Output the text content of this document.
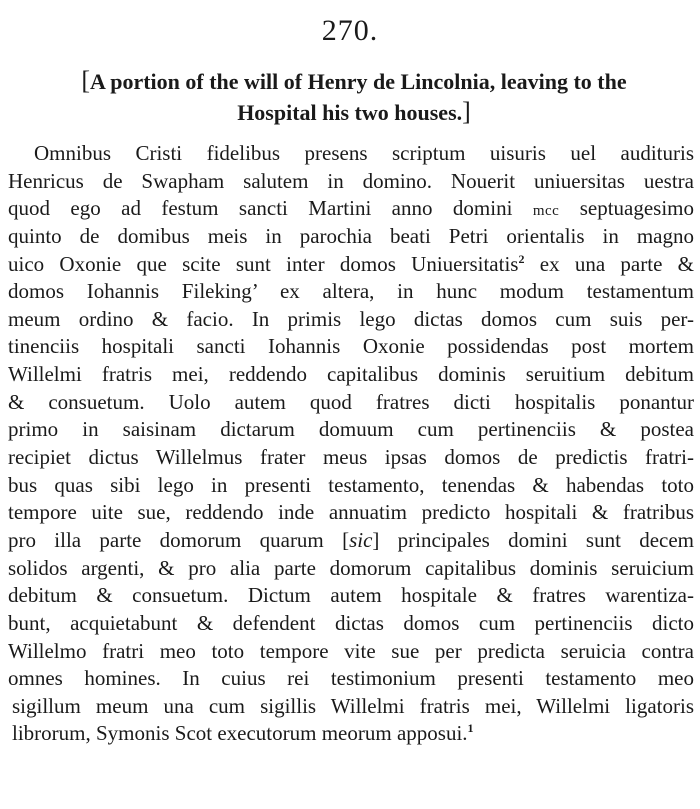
270.
[A portion of the will of Henry de Lincolnia, leaving to the
Hospital his two houses.]
Omnibus Cristi fidelibus presens scriptum uisuris uel audituris
Henricus de Swapham salutem in domino. Nouerit uniuersitas uestra
quod ego ad festum sancti Martini anno domini mcc septuagesimo
quinto de domibus meis in parochia beati Petri orientalis in magno
uico Oxonie que scite sunt inter domos Uniuersitatis$^2$ ex una parte &
domos Iohannis Fileking’ ex altera, in hunc modum testamentum
meum ordino & facio. In primis lego dictas domos cum suis per-
tinenciis hospitali sancti Iohannis Oxonie possidendas post mortem
Willelmi fratris mei, reddendo capitalibus dominis seruitium debitum
& consuetum. Uolo autem quod fratres dicti hospitalis ponantur
primo in saisinam dictarum domuum cum pertinenciis & postea
recipiet dictus Willelmus frater meus ipsas domos de predictis fratri-
bus quas sibi lego in presenti testamento, tenendas & habendas toto
tempore uite sue, reddendo inde annuatim predicto hospitali & fratribus
pro illa parte domorum quarum [sic] principales domini sunt decem
solidos argenti, & pro alia parte domorum capitalibus dominis seruicium
debitum & consuetum. Dictum autem hospitale & fratres warentiza-
bunt, acquietabunt & defendent dictas domos cum pertinenciis dicto
Willelmo fratri meo toto tempore vite sue per predicta seruicia contra
omnes homines. In cuius rei testimonium presenti testamento meo
sigillum meum una cum sigillis Willelmi fratris mei, Willelmi ligatoris
librorum, Symonis Scot executorum meorum apposui.$^1$
